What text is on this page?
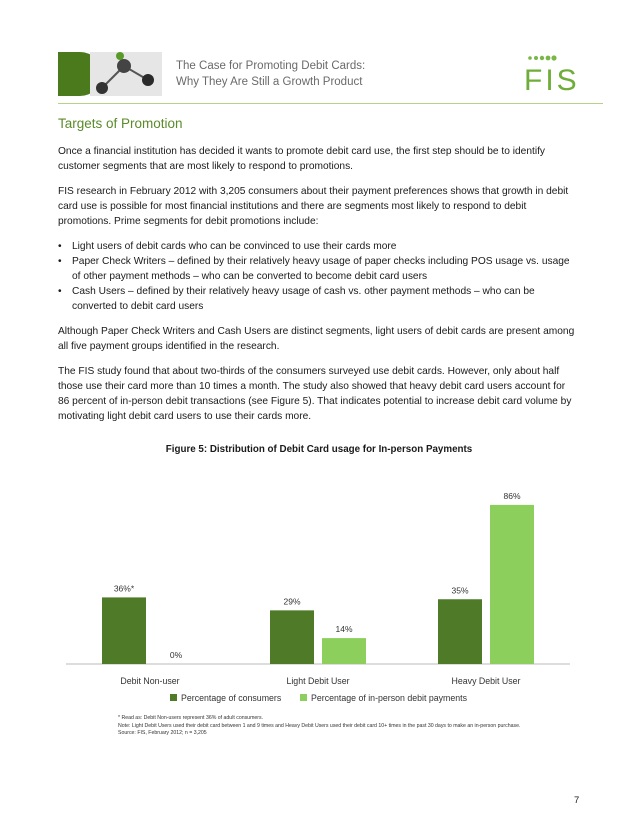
The Case for Promoting Debit Cards:
Why They Are Still a Growth Product	FIS
Targets of Promotion

Once a financial institution has decided it wants to promote debit card use, the first step should be to identify customer segments that are most likely to respond to promotions.

FIS research in February 2012 with 3,205 consumers about their payment preferences shows that growth in debit card use is possible for most financial institutions and there are segments most likely to respond to debit promotions. Prime segments for debit promotions include:

• Light users of debit cards who can be convinced to use their cards more
• Paper Check Writers – defined by their relatively heavy usage of paper checks including POS usage vs. usage of other payment methods – who can be converted to become debit card users
• Cash Users – defined by their relatively heavy usage of cash vs. other payment methods – who can be converted to debit card users

Although Paper Check Writers and Cash Users are distinct segments, light users of debit cards are present among all five payment groups identified in the research.

The FIS study found that about two-thirds of the consumers surveyed use debit cards. However, only about half those use their card more than 10 times a month. The study also showed that heavy debit card users account for 86 percent of in-person debit transactions (see Figure 5). That indicates potential to increase debit card volume by motivating light debit card users to use their cards more.

Figure 5: Distribution of Debit Card usage for In-person Payments
36%*
0%
Debit Non-user
29%
14%
Light Debit User
35%
86%
Heavy Debit User
Percentage of consumers	Percentage of in-person debit payments
* Read as: Debit Non-users represent 36% of adult consumers.
Note: Light Debit Users used their debit card between 1 and 9 times and Heavy Debit Users used their debit card 10+ times in the past 30 days to make an in-person purchase.
Source: FIS, February 2012; n = 3,205
7
